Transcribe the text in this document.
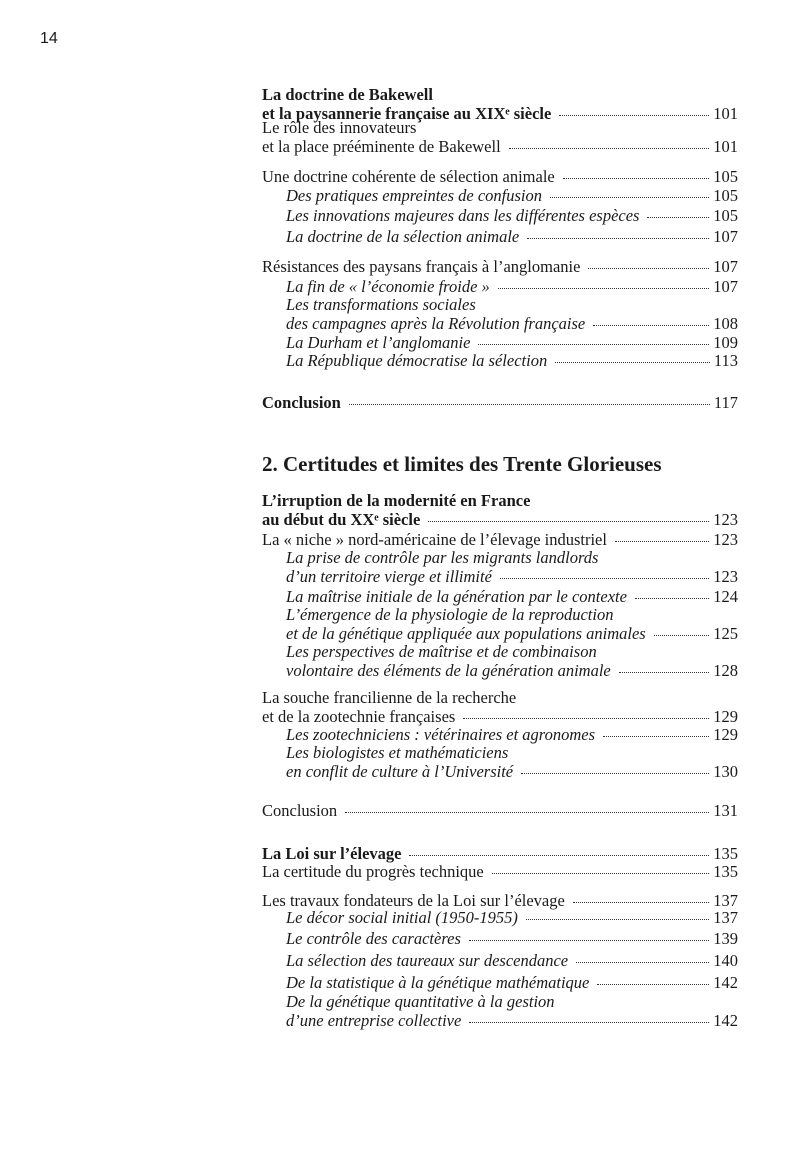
14
2. Certitudes et limites des Trente Glorieuses
La doctrine de Bakewell
et la paysannerie française au XIXᵉ siècle	101
Le rôle des innovateurs
et la place prééminente de Bakewell	101
Une doctrine cohérente de sélection animale	105
Des pratiques empreintes de confusion	105
Les innovations majeures dans les différentes espèces	105
La doctrine de la sélection animale	107
Résistances des paysans français à l’anglomanie	107
La fin de « l’économie froide »	107
Les transformations sociales
des campagnes après la Révolution française	108
La Durham et l’anglomanie	109
La République démocratise la sélection	113
Conclusion	117
L’irruption de la modernité en France
au début du XXᵉ siècle	123
La « niche » nord-américaine de l’élevage industriel	123
La prise de contrôle par les migrants landlords
d’un territoire vierge et illimité	123
La maîtrise initiale de la génération par le contexte	124
L’émergence de la physiologie de la reproduction
et de la génétique appliquée aux populations animales	125
Les perspectives de maîtrise et de combinaison
volontaire des éléments de la génération animale	128
La souche francilienne de la recherche
et de la zootechnie françaises	129
Les zootechniciens : vétérinaires et agronomes	129
Les biologistes et mathématiciens
en conflit de culture à l’Université	130
Conclusion	131
La Loi sur l’élevage	135
La certitude du progrès technique	135
Les travaux fondateurs de la Loi sur l’élevage	137
Le décor social initial (1950-1955)	137
Le contrôle des caractères	139
La sélection des taureaux sur descendance	140
De la statistique à la génétique mathématique	142
De la génétique quantitative à la gestion
d’une entreprise collective	142
